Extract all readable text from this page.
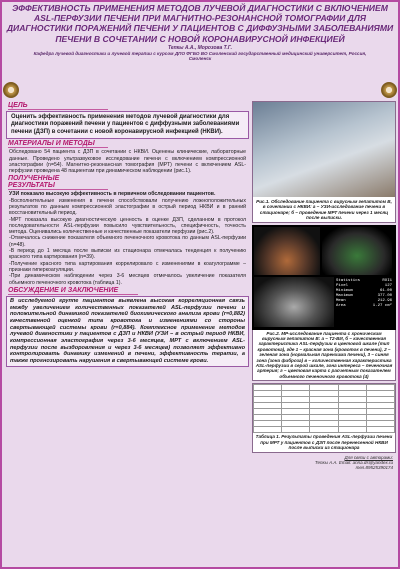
ЭФФЕКТИВНОСТЬ ПРИМЕНЕНИЯ МЕТОДОВ ЛУЧЕВОЙ ДИАГНОСТИКИ С ВКЛЮЧЕНИЕМ ASL-ПЕРФУЗИИ ПЕЧЕНИ ПРИ МАГНИТНО-РЕЗОНАНСНОЙ ТОМОГРАФИИ ДЛЯ ДИАГНОСТИКИ ПОРАЖЕНИЙ ПЕЧЕНИ У ПАЦИЕНТОВ С ДИФФУЗНЫМИ ЗАБОЛЕВАНИЯМИ ПЕЧЕНИ В СОЧЕТАНИИ С НОВОЙ КОРОНАВИРУСНОЙ ИНФЕКЦИЕЙ
Тепкы А.А., Морозова Т.Г.
Кафедра лучевой диагностики и лучевой терапии с курсом ДПО ФГБО ВО Смоленский государственный медицинский университет, Россия, Смоленск
ЦЕЛЬ
Оценить эффективность применения методов лучевой диагностики для диагностики поражений печени у пациентов с диффузными заболеваниями печени (ДЗП) в сочетании с новой коронавирусной инфекцией (НКВИ).
МАТЕРИАЛЫ И МЕТОДЫ
Обследовано 54 пациента с ДЗП в сочетании с НКВИ. Оценены клинические, лабораторные данные. Проведено ультразвуковое исследование печени с включением компрессионной эластографии (n=54). Магнитно-резонансная томография (МРТ) печени с включением ASL-перфузии проведена 48 пациентам при динамическом наблюдении (рис.1).
ПОЛУЧЕННЫЕ РЕЗУЛЬТАТЫ
УЗИ показало высокую эффективность в первичном обследовании пациентов.
-Восполнительные изменения в печени способствовали получению ложноположительных результатов по данным компрессионной эластографии в острый период НКВИ и в ранний восстановительный период.
-МРТ показала высокую диагностическую ценность в оценке ДЗП, сделанном в протокол последовательности ASL-перфузии повысило чувствительность, специфичность, точность метода. Оценивались количественные и качественные показатели перфузии (рис.2).
-Отмечалось снижение показателя объемного печеночного кровотока по данным ASL-перфузии (n=48).
-В период до 1 месяца после выписки из стационара отмечалась тенденция к получению красного типа картирования (n=39).
-Получение красного типа картирования коррелировало с изменениями в коагулограмме – признаки гиперкоагуляции.
-При динамическом наблюдении через 3-6 месяцев отмечалось увеличение показателя объемного печеночного кровотока (таблица 1).
ОБСУЖДЕНИЕ И ЗАКЛЮЧЕНИЕ
В исследуемой группе пациентов выявлена высокая корреляционная связь между увеличением количественных показателей ASL-перфузии печени и положительной динамикой показателей биохимического анализа крови (r=0,882) качественной оценкой типа кровотока и изменениями со стороны свертывающей системы крови (r=0,884). Комплексное применение методов лучевой диагностики у пациентов с ДЗП и НКВИ (УЗИ – в острый период НКВИ, компрессионная эластография через 3-6 месяцев, МРТ с включением ASL-перфузии после выздоровления и через 3-6 месяцев) позволяет эффективно контролировать динамику изменений в печени, эффективность терапии, а также прогнозировать нарушения в свертывающей системе крови.
Рис.1. Обследование пациента с вирусным гепатитом В, в сочетании с НКВИ: а – УЗИ-исследование печени в стационаре; б – проведение МРТ печени через 1 месяц после выписки.
Statistics	ROI1
Pixel	127
Minimum	61.00
Maximum	377.00
Mean	212.96
Area	1.27 cm²
Рис.2. МР-исследование пациента с хроническим вирусным гепатитом В: а – Т2-ВИ, б – качественная характеристика ASL-перфузии в цветовой шкале (тип кровотока), где 1 – красная зона (кровоток в печени), 2 – зеленая зона (нормальная паренхима печени), 3 – синяя зона (зона фиброза) в – количественная характеристика ASL-перфузии в серой шкале, зона интереса – печеночная артерия; г – цветовая карта с расчетным показателем объемного печеночного кровотока (4)

Таблица 1. Результаты проведения ASL-перфузии печени при МРТ у пациентов с ДЗП после перенесенной НКВИ после выписки из стационара
Для связи с авторами:
Тепкы А.А. Email: anna.ds@yandex.ru
тел.89525390174
